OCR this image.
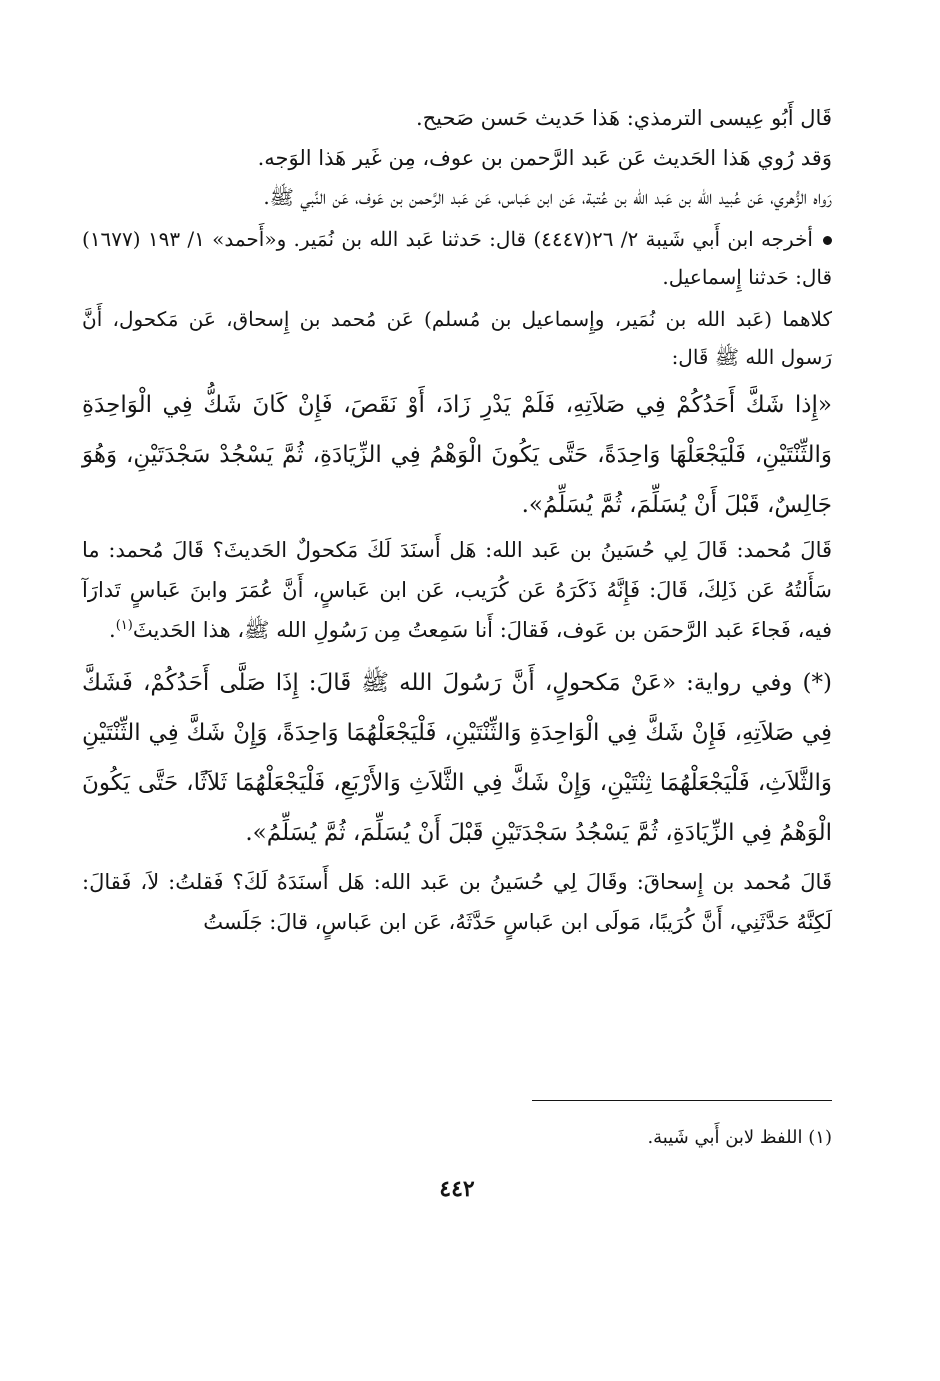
قَال أَبُو عِيسى الترمذي: هَذا حَديث حَسن صَحيح.

وَقد رُوي هَذا الحَديث عَن عَبد الرَّحمن بن عوف، مِن غَير هَذا الوَجه.

رَواه الزُّهري، عَن عُبيد الله بن عَبد الله بن عُتبة، عَن ابن عَباس، عَن عَبد الرَّحمن بن عَوف، عَن النَّبي ﷺ.

أخرجه ابن أَبي شَيبة ٢/ ٢٦(٤٤٤٧) قال: حَدثنا عَبد الله بن نُمَير. و«أَحمد» ١/ ١٩٣ (١٦٧٧) قال: حَدثنا إِسماعيل.

كلاهما (عَبد الله بن نُمَير، وإِسماعيل بن مُسلم) عَن مُحمد بن إِسحاق، عَن مَكحول، أَنَّ رَسول الله ﷺ قَال:

«إِذا شَكَّ أَحَدُكُمْ فِي صَلاَتِهِ، فَلَمْ يَدْرِ زَادَ، أَوْ نَقَصَ، فَإِنْ كَانَ شَكُّ فِي الْوَاحِدَةِ وَالثِّنْتَيْنِ، فَلْيَجْعَلْهَا وَاحِدَةً، حَتَّى يَكُونَ الْوَهْمُ فِي الزِّيَادَةِ، ثُمَّ يَسْجُدْ سَجْدَتَيْنِ، وَهُوَ جَالِسٌ، قَبْلَ أَنْ يُسَلِّمَ، ثُمَّ يُسَلِّمُ».

قَالَ مُحمد: قَالَ لِي حُسَينُ بن عَبد الله: هَل أَسنَدَ لَكَ مَكحولٌ الحَديثَ؟ قَالَ مُحمد: ما سَأَلتُهُ عَن ذَلِكَ، قَالَ: فَإِنَّهُ ذَكَرَهُ عَن كُرَيب، عَن ابن عَباسٍ، أَنَّ عُمَرَ وابنَ عَباسٍ تَدارَآ فيه، فَجاءَ عَبد الرَّحمَن بن عَوف، فَقالَ: أَنا سَمِعتُ مِن رَسُولِ الله ﷺ، هذا الحَديثَ$^{(١)}$.

(*) وفي رواية: «عَنْ مَكحولٍ، أَنَّ رَسُولَ الله ﷺ قَالَ: إِذَا صَلَّى أَحَدُكُمْ، فَشَكَّ فِي صَلاَتِهِ، فَإِنْ شَكَّ فِي الْوَاحِدَةِ وَالثِّنْتَيْنِ، فَلْيَجْعَلْهُمَا وَاحِدَةً، وَإِنْ شَكَّ فِي الثِّنْتَيْنِ وَالثَّلاَثِ، فَلْيَجْعَلْهُمَا ثِنْتَيْنِ، وَإِنْ شَكَّ فِي الثَّلاَثِ وَالأَرْبَعِ، فَلْيَجْعَلْهُمَا ثَلاَثًا، حَتَّى يَكُونَ الْوَهْمُ فِي الزِّيَادَةِ، ثُمَّ يَسْجُدُ سَجْدَتَيْنِ قَبْلَ أَنْ يُسَلِّمَ، ثُمَّ يُسَلِّمُ».

قَالَ مُحمد بن إِسحاقَ: وقَالَ لِي حُسَينُ بن عَبد الله: هَل أَسنَدَهُ لَكَ؟ فَقلتُ: لاَ، فَقالَ: لَكِنَّهُ حَدَّثَنِي، أَنَّ كُرَيبًا، مَولَى ابن عَباسٍ حَدَّثَهُ، عَن ابن عَباسٍ، قالَ: جَلَستُ

(١) اللفظ لابن أَبي شَيبة.

٤٤٢
